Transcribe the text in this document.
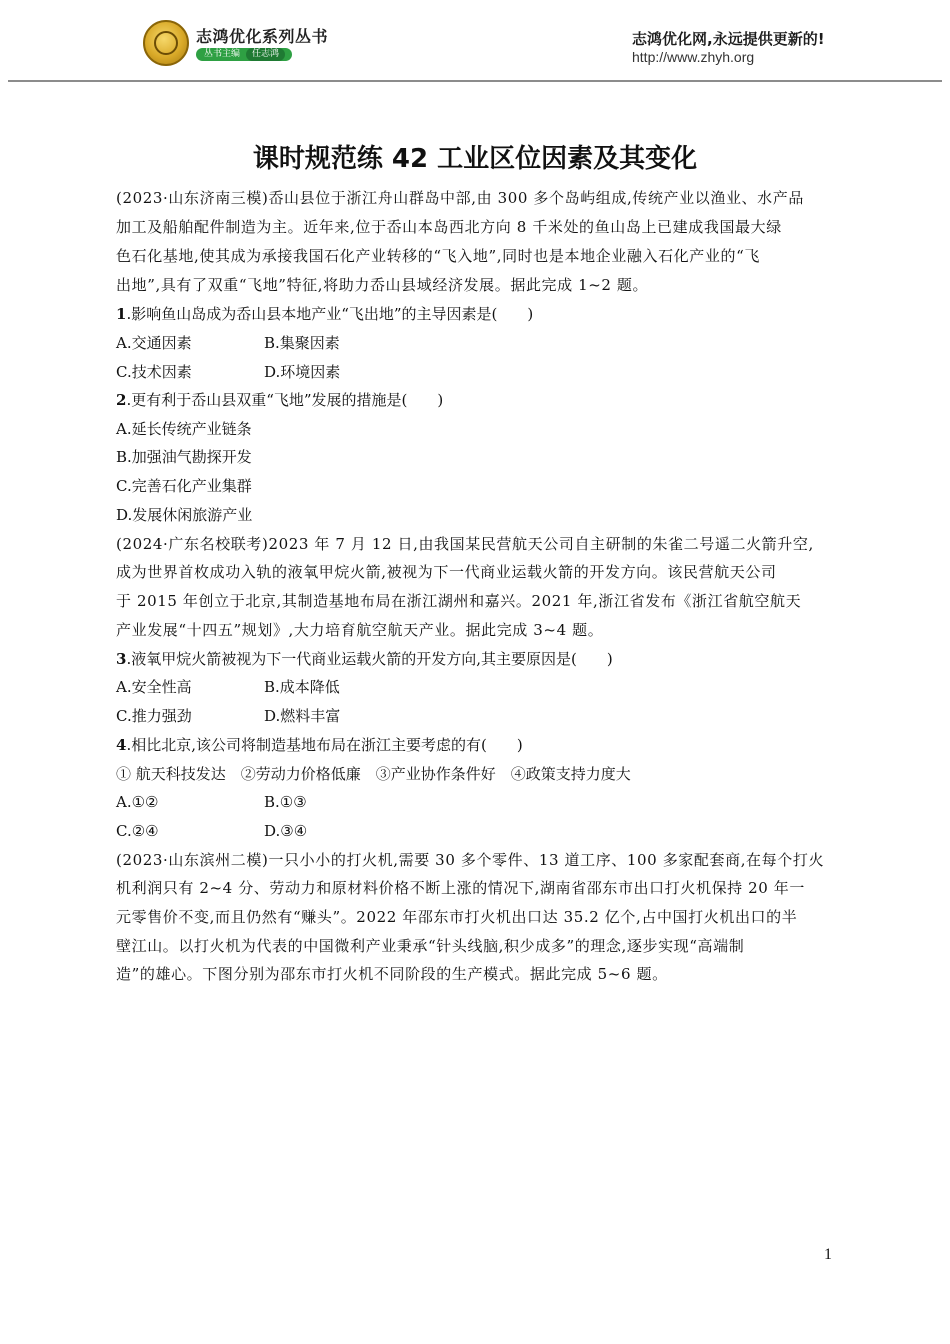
志鸿优化系列丛书
丛书主编	任志鸿
志鸿优化网,永远提供更新的!
http://www.zhyh.org
课时规范练 42 工业区位因素及其变化
(2023·山东济南三模)岙山县位于浙江舟山群岛中部,由 300 多个岛屿组成,传统产业以渔业、水产品
加工及船舶配件制造为主。近年来,位于岙山本岛西北方向 8 千米处的鱼山岛上已建成我国最大绿
色石化基地,使其成为承接我国石化产业转移的“飞入地”,同时也是本地企业融入石化产业的“飞
出地”,具有了双重“飞地”特征,将助力岙山县域经济发展。据此完成 1~2 题。
1.影响鱼山岛成为岙山县本地产业“飞出地”的主导因素是(　　)
A.交通因素	B.集聚因素
C.技术因素	D.环境因素
2.更有利于岙山县双重“飞地”发展的措施是(　　)
A.延长传统产业链条
B.加强油气勘探开发
C.完善石化产业集群
D.发展休闲旅游产业
(2024·广东名校联考)2023 年 7 月 12 日,由我国某民营航天公司自主研制的朱雀二号遥二火箭升空,
成为世界首枚成功入轨的液氧甲烷火箭,被视为下一代商业运载火箭的开发方向。该民营航天公司
于 2015 年创立于北京,其制造基地布局在浙江湖州和嘉兴。2021 年,浙江省发布《浙江省航空航天
产业发展“十四五”规划》,大力培育航空航天产业。据此完成 3~4 题。
3.液氧甲烷火箭被视为下一代商业运载火箭的开发方向,其主要原因是(　　)
A.安全性高	B.成本降低
C.推力强劲	D.燃料丰富
4.相比北京,该公司将制造基地布局在浙江主要考虑的有(　　)
① 航天科技发达　②劳动力价格低廉　③产业协作条件好　④政策支持力度大
A.①②	B.①③
C.②④	D.③④
(2023·山东滨州二模)一只小小的打火机,需要 30 多个零件、13 道工序、100 多家配套商,在每个打火
机利润只有 2~4 分、劳动力和原材料价格不断上涨的情况下,湖南省邵东市出口打火机保持 20 年一
元零售价不变,而且仍然有“赚头”。2022 年邵东市打火机出口达 35.2 亿个,占中国打火机出口的半
壁江山。以打火机为代表的中国微利产业秉承“针头线脑,积少成多”的理念,逐步实现“高端制
造”的雄心。下图分别为邵东市打火机不同阶段的生产模式。据此完成 5~6 题。
1
